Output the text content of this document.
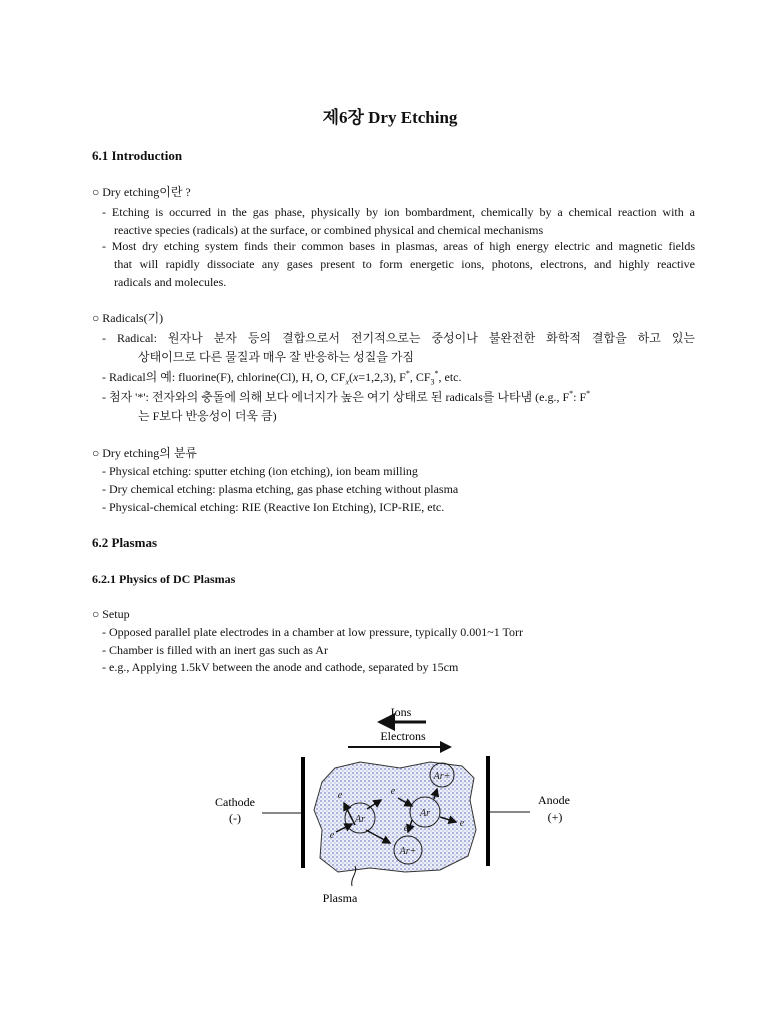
제6장 Dry Etching
6.1 Introduction
○ Dry etching이란 ?
- Etching is occurred in the gas phase, physically by ion bombardment, chemically by a chemical reaction with a
reactive species (radicals) at the surface, or combined physical and chemical mechanisms
- Most dry etching system finds their common bases in plasmas, areas of high energy electric and magnetic fields
that will rapidly dissociate any gases present to form energetic ions, photons, electrons, and highly reactive
radicals and molecules.
○ Radicals(기)
- Radical: 원자나 분자 등의 결합으로서 전기적으로는 중성이나 불완전한 화학적 결합을 하고 있는
상태이므로 다른 물질과 매우 잘 반응하는 성질을 가짐
- Radical의 예: fluorine(F), chlorine(Cl), H, O, $CF_x(x=1,2,3)$, F*, $CF_3^*$, etc.
- 첨자 '*': 전자와의 충돌에 의해 보다 에너지가 높은 여기 상태로 된 radicals를 나타냄 (e.g., F*: F*
는 F보다 반응성이 더욱 큼)
○ Dry etching의 분류
- Physical etching: sputter etching (ion etching), ion beam milling
- Dry chemical etching: plasma etching, gas phase etching without plasma
- Physical-chemical etching: RIE (Reactive Ion Etching), ICP-RIE, etc.
6.2 Plasmas
6.2.1 Physics of DC Plasmas
○ Setup
- Opposed parallel plate electrodes in a chamber at low pressure, typically 0.001~1 Torr
- Chamber is filled with an inert gas such as Ar
- e.g., Applying 1.5kV between the anode and cathode, separated by 15cm
Ions
Electrons
Cathode
(-)
Anode
(+)
Ar
Ar
Ar+
Ar+
e	e
e
e	e
Plasma
